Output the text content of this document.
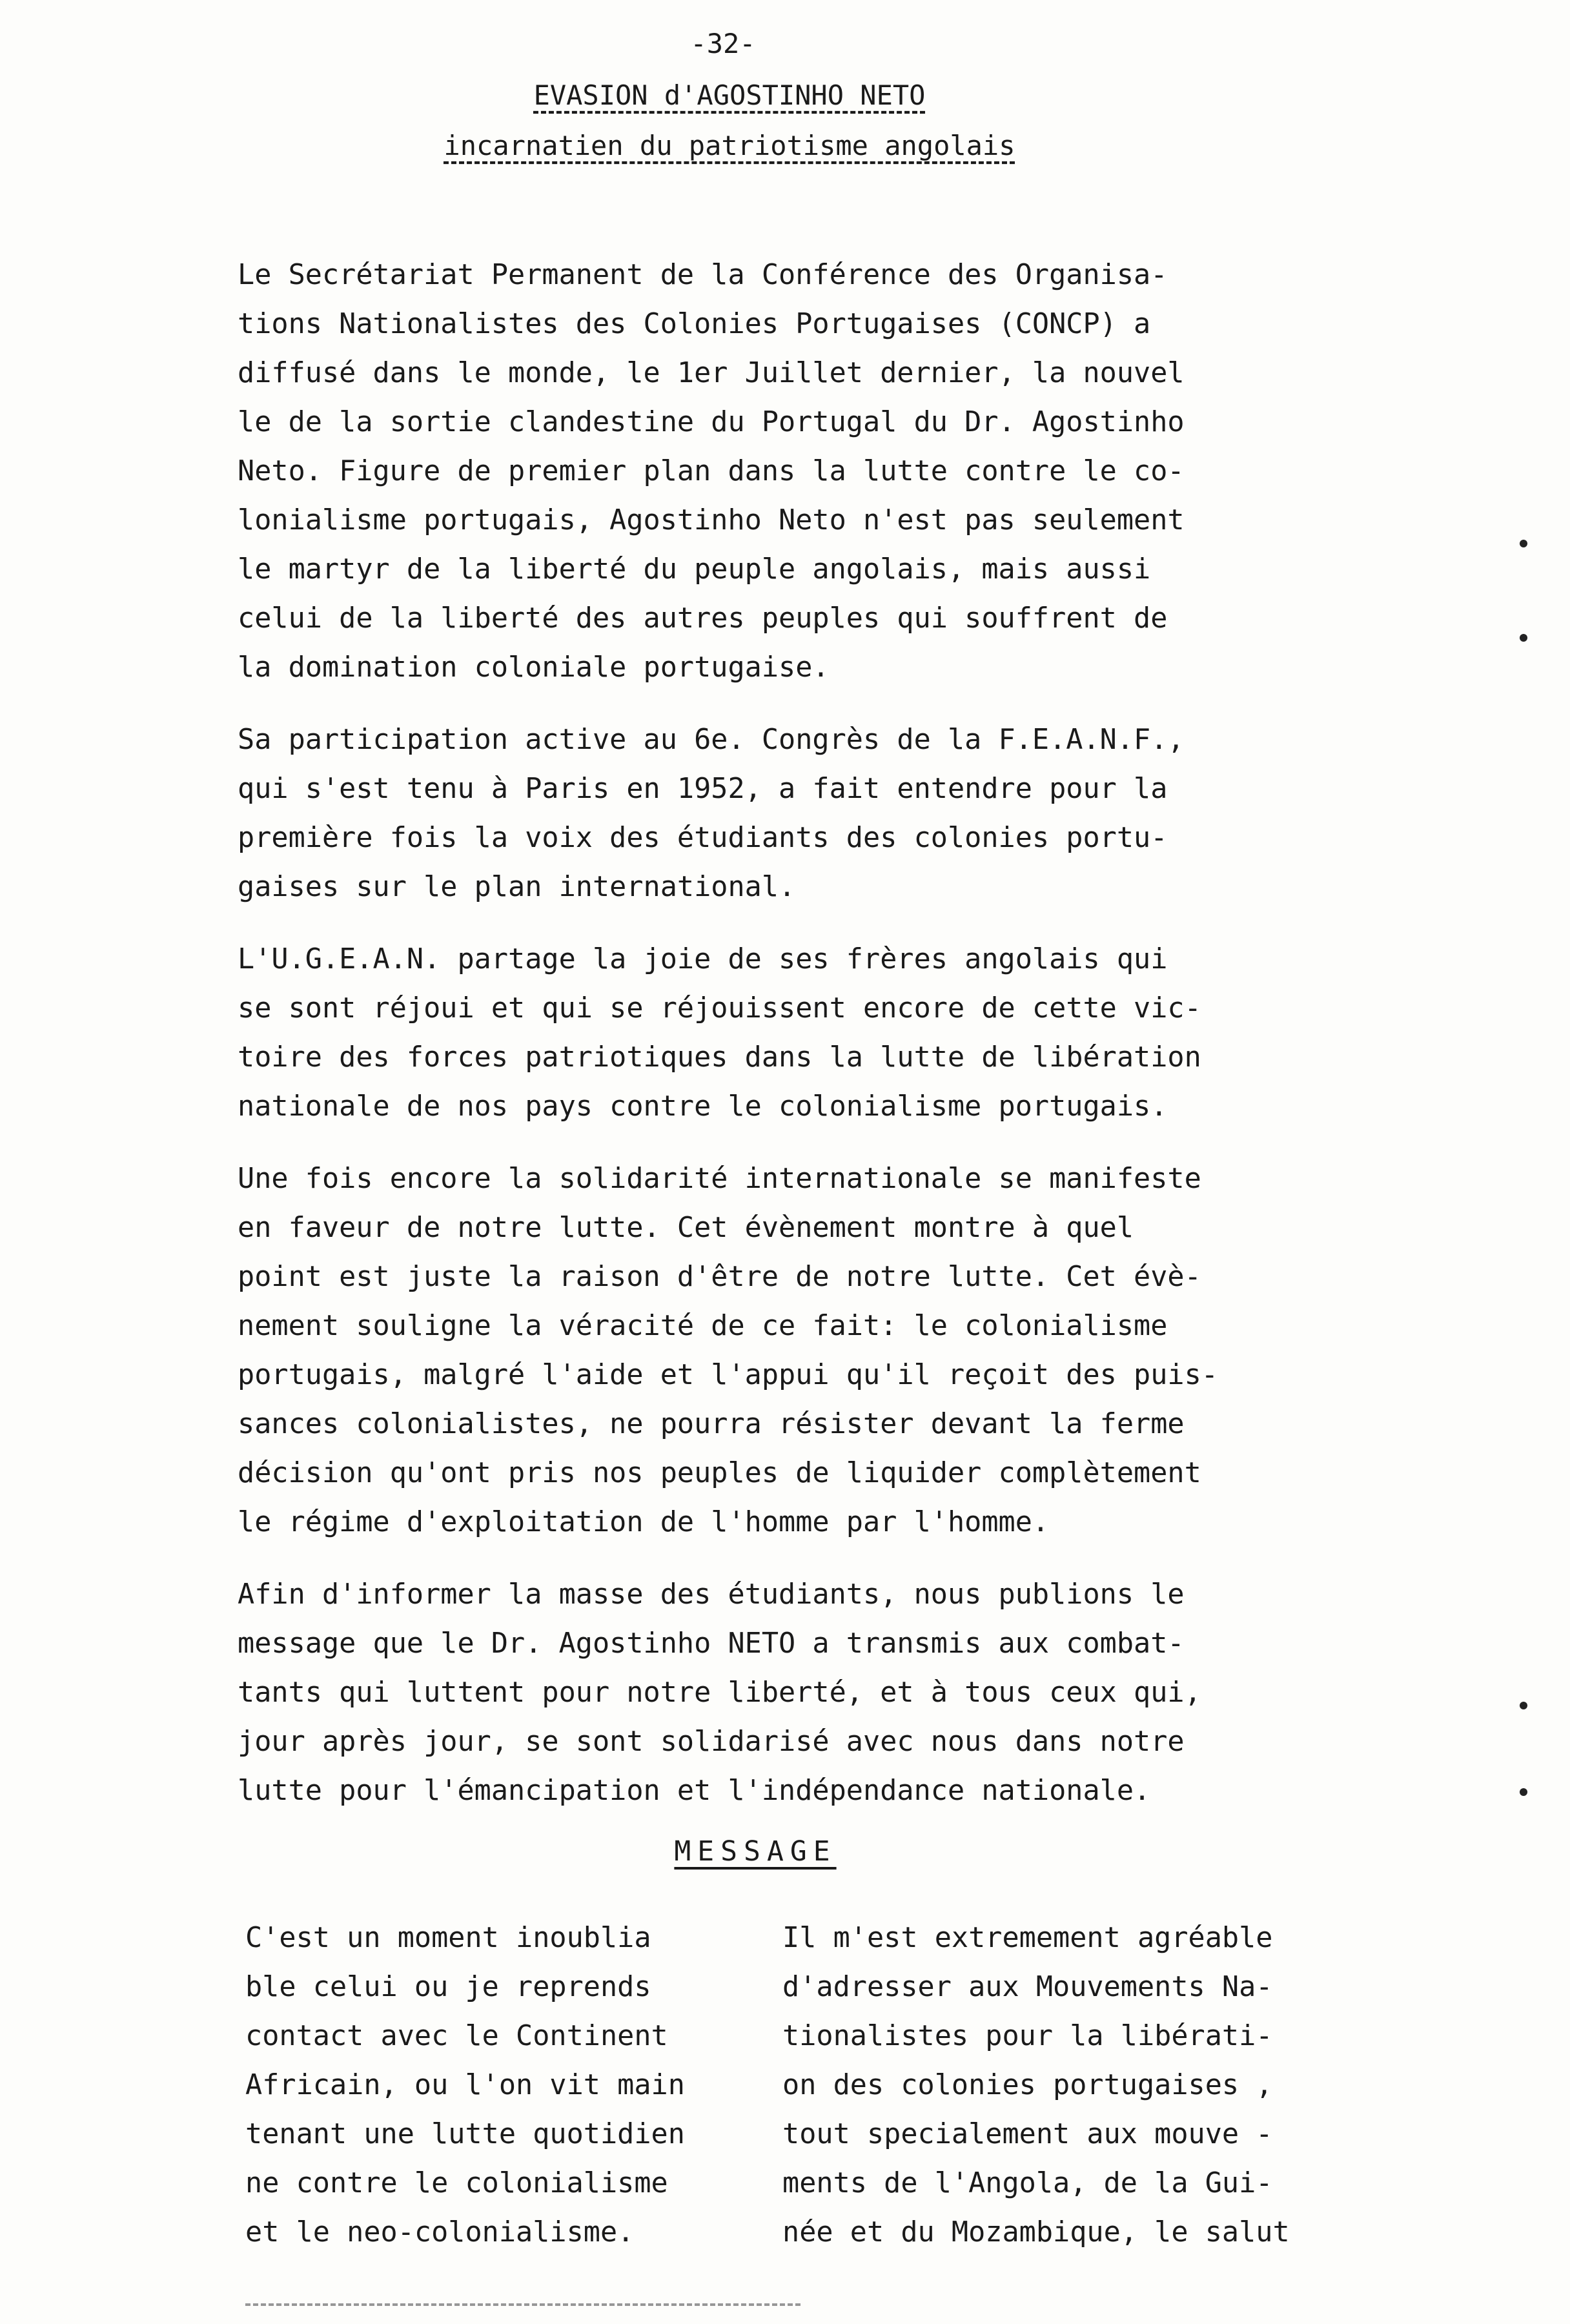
-32-

EVASION d'AGOSTINHO NETO

incarnatien du patriotisme angolais

Le Secrétariat Permanent de la Conférence des Organisa-
tions Nationalistes des Colonies Portugaises (CONCP) a
diffusé dans le monde, le 1er Juillet dernier, la nouvel
le de la sortie clandestine du Portugal du Dr. Agostinho
Neto. Figure de premier plan dans la lutte contre le co-
lonialisme portugais, Agostinho Neto n'est pas seulement
le martyr de la liberté du peuple angolais, mais aussi
celui de la liberté des autres peuples qui souffrent de
la domination coloniale portugaise.

Sa participation active au 6e. Congrès de la F.E.A.N.F.,
qui s'est tenu à Paris en 1952, a fait entendre pour la
première fois la voix des étudiants des colonies portu-
gaises sur le plan international.

L'U.G.E.A.N. partage la joie de ses frères angolais qui
se sont réjoui et qui se réjouissent encore de cette vic-
toire des forces patriotiques dans la lutte de libération
nationale de nos pays contre le colonialisme portugais.

Une fois encore la solidarité internationale se manifeste
en faveur de notre lutte. Cet évènement montre à quel
point est juste la raison d'être de notre lutte. Cet évè-
nement souligne la véracité de ce fait: le colonialisme
portugais, malgré l'aide et l'appui qu'il reçoit des puis-
sances colonialistes, ne pourra résister devant la ferme
décision qu'ont pris nos peuples de liquider complètement
le régime d'exploitation de l'homme par l'homme.

Afin d'informer la masse des étudiants, nous publions le
message que le Dr. Agostinho NETO a transmis aux combat-
tants qui luttent pour notre liberté, et à tous ceux qui,
jour après jour, se sont solidarisé avec nous dans notre
lutte pour l'émancipation et l'indépendance nationale.

MESSAGE

C'est un moment inoublia
ble celui ou je reprends
contact avec le Continent
Africain, ou l'on vit main
tenant une lutte quotidien
ne contre le colonialisme
et le neo-colonialisme.
Il m'est extremement agréable
d'adresser aux Mouvements Na-
tionalistes pour la libérati-
on des colonies portugaises ,
tout specialement aux mouve -
ments de l'Angola, de la Gui-
née et du Mozambique, le salut
